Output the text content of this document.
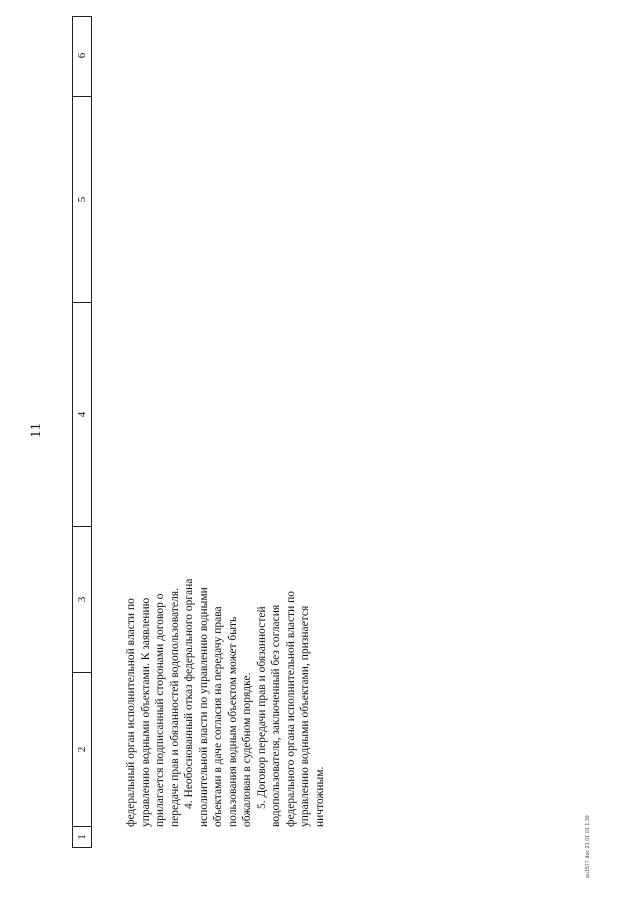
11
1
2
3
4
5
6

федеральный орган исполнительной власти по управлению водными объектами. К заявлению прилагается подписанный сторонами договор о передаче прав и обязанностей водопользователя. 4. Необоснованный отказ федерального органа исполнительной власти по управлению водными объектами в даче согласия на передачу права пользования водным объектом может быть обжалован в судебном порядке. 5. Договор передачи прав и обязанностей водопользователя, заключенный без согласия федерального органа исполнительной власти по управлению водными объектами, признается ничтожным.

au1577.doc 21.01.01 1:39
